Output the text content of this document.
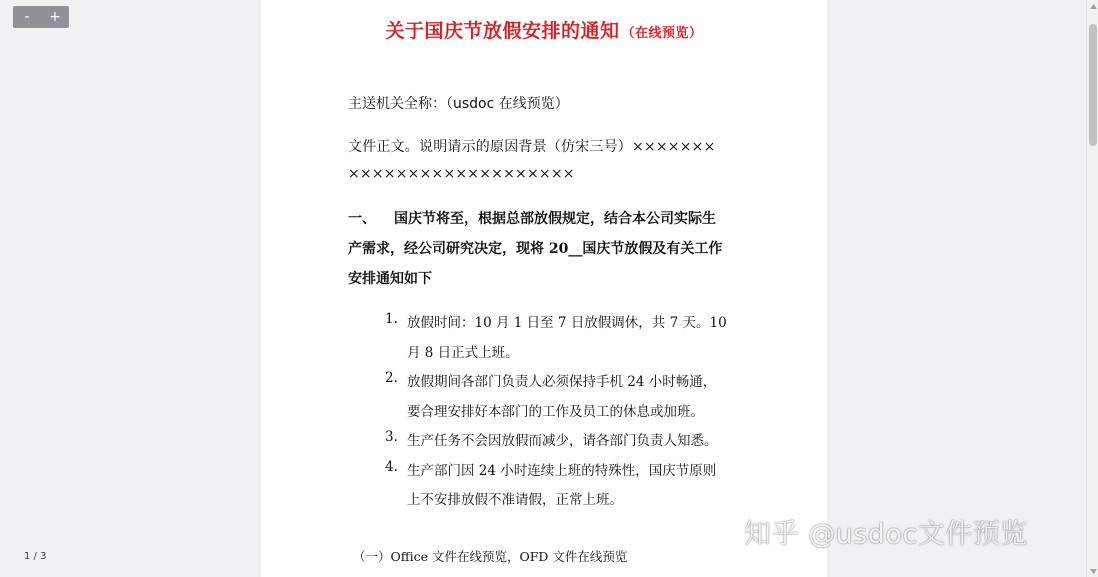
-	+
1 / 3
关于国庆节放假安排的通知 （在线预览）
主送机关全称：（usdoc 在线预览）
文件正文。说明请示的原因背景（仿宋三号）×××××××
×××××××××××××××××××
一、 国庆节将至，根据总部放假规定，结合本公司实际生
产需求，经公司研究决定，现将 20__国庆节放假及有关工作
安排通知如下
1. 放假时间：10 月 1 日至 7 日放假调休，共 7 天。10
月 8 日正式上班。
2. 放假期间各部门负责人必须保持手机 24 小时畅通，
要合理安排好本部门的工作及员工的休息或加班。
3. 生产任务不会因放假而减少，请各部门负责人知悉。
4. 生产部门因 24 小时连续上班的特殊性，国庆节原则
上不安排放假不准请假，正常上班。
（一）Office 文件在线预览，OFD 文件在线预览
知乎 @usdoc文件预览
